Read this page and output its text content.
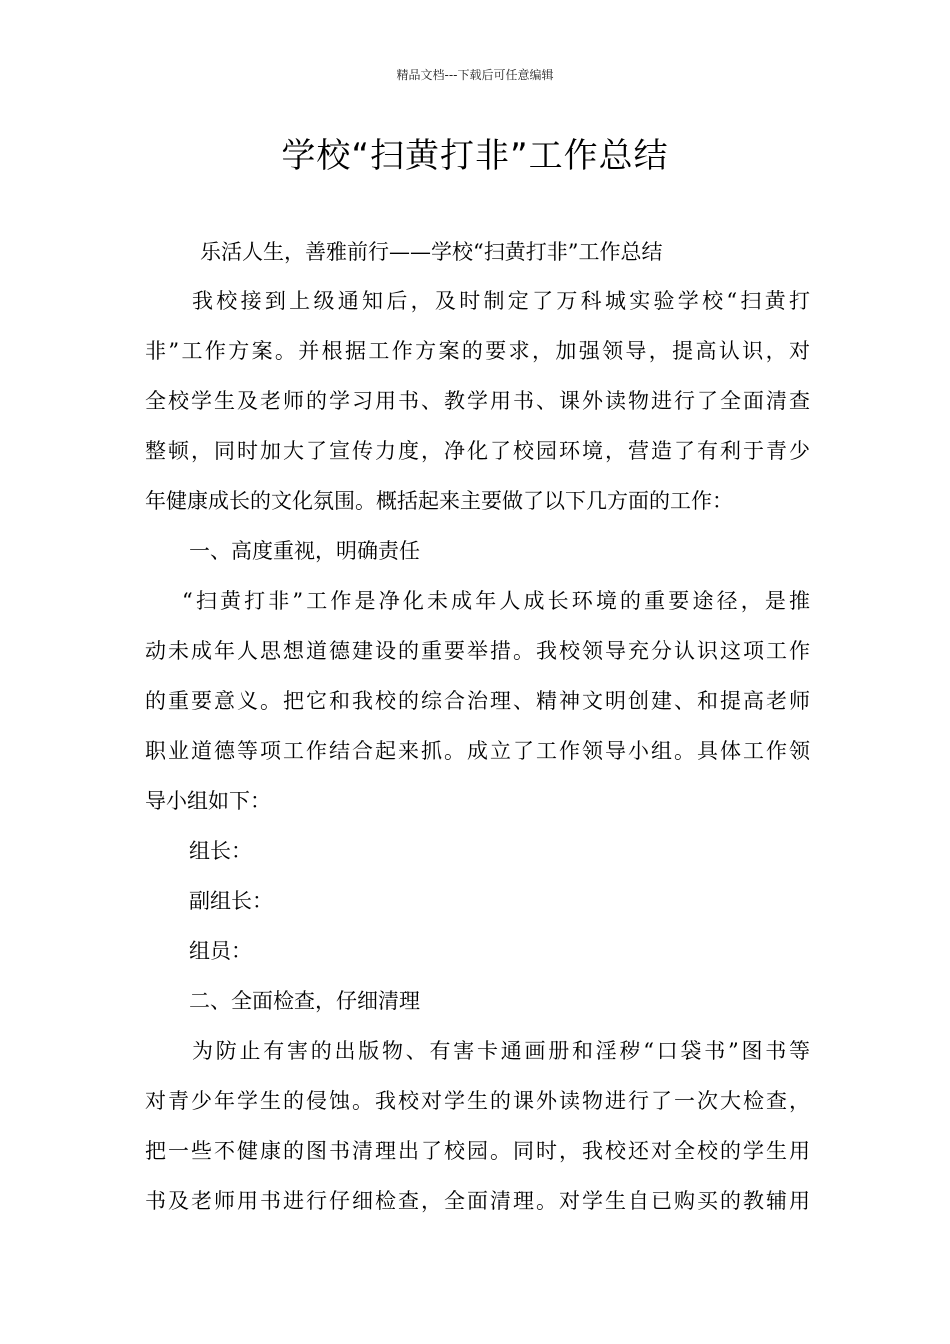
精品文档---下载后可任意编辑
学校“扫黄打非”工作总结

乐活人生，善雅前行——学校“扫黄打非”工作总结

我校接到上级通知后，及时制定了万科城实验学校“扫黄打

非”工作方案。并根据工作方案的要求，加强领导，提高认识，对

全校学生及老师的学习用书、教学用书、课外读物进行了全面清查

整顿，同时加大了宣传力度，净化了校园环境，营造了有利于青少

年健康成长的文化氛围。概括起来主要做了以下几方面的工作：

一、高度重视，明确责任

“扫黄打非”工作是净化未成年人成长环境的重要途径，是推

动未成年人思想道德建设的重要举措。我校领导充分认识这项工作

的重要意义。把它和我校的综合治理、精神文明创建、和提高老师

职业道德等项工作结合起来抓。成立了工作领导小组。具体工作领

导小组如下：

组长：

副组长：

组员：

二、全面检查，仔细清理

为防止有害的出版物、有害卡通画册和淫秽“口袋书”图书等

对青少年学生的侵蚀。我校对学生的课外读物进行了一次大检查，

把一些不健康的图书清理出了校园。同时，我校还对全校的学生用

书及老师用书进行仔细检查，全面清理。对学生自已购买的教辅用
